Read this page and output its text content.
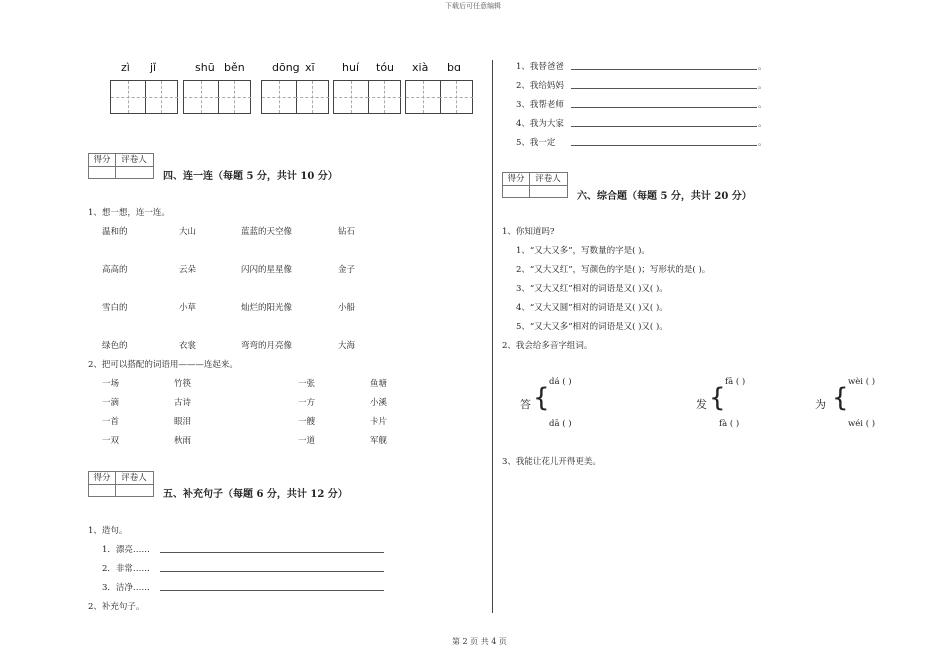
下载后可任意编辑
第 2 页 共 4 页
zì jǐ	shū běn dōng xī huí tóu xià bɑ
得分	评卷人
四、连一连（每题 5 分，共计 10 分）
1、想一想，连一连。
温和的	大山	蓝蓝的天空像	钻石
高高的	云朵	闪闪的星星像	金子
雪白的	小草	灿烂的阳光像	小船
绿色的	衣裳	弯弯的月亮像	大海
2、把可以搭配的词语用———连起来。
一场	竹筷	一张	鱼塘
一滴	古诗	一方	小溪
一首	眼泪	一艘	卡片
一双	秋雨	一道	军舰
得分	评卷人
五、补充句子（每题 6 分，共计 12 分）
1、造句。
1．漂亮……
2．非常……
3．洁净……
2、补充句子。
1、我替爸爸	。
2、我给妈妈	。
3、我帮老师	。
4、我为大家	。
5、我一定	。
得分	评卷人
六、综合题（每题 5 分，共计 20 分）
1、你知道吗?
1、“又大又多”，写数量的字是( )。
2、“又大又红”，写颜色的字是( )；写形状的是( )。
3、“又大又红”相对的词语是又( )又( )。
4、“又大又圆”相对的词语是又( )又( )。
5、“又大又多”相对的词语是又( )又( )。
2、我会给多音字组词。
答 {
dá ( )
dā ( )
发 {
fā ( )
fà ( )
为 {
wèi ( )
wéi ( )
3、我能让花儿开得更美。
